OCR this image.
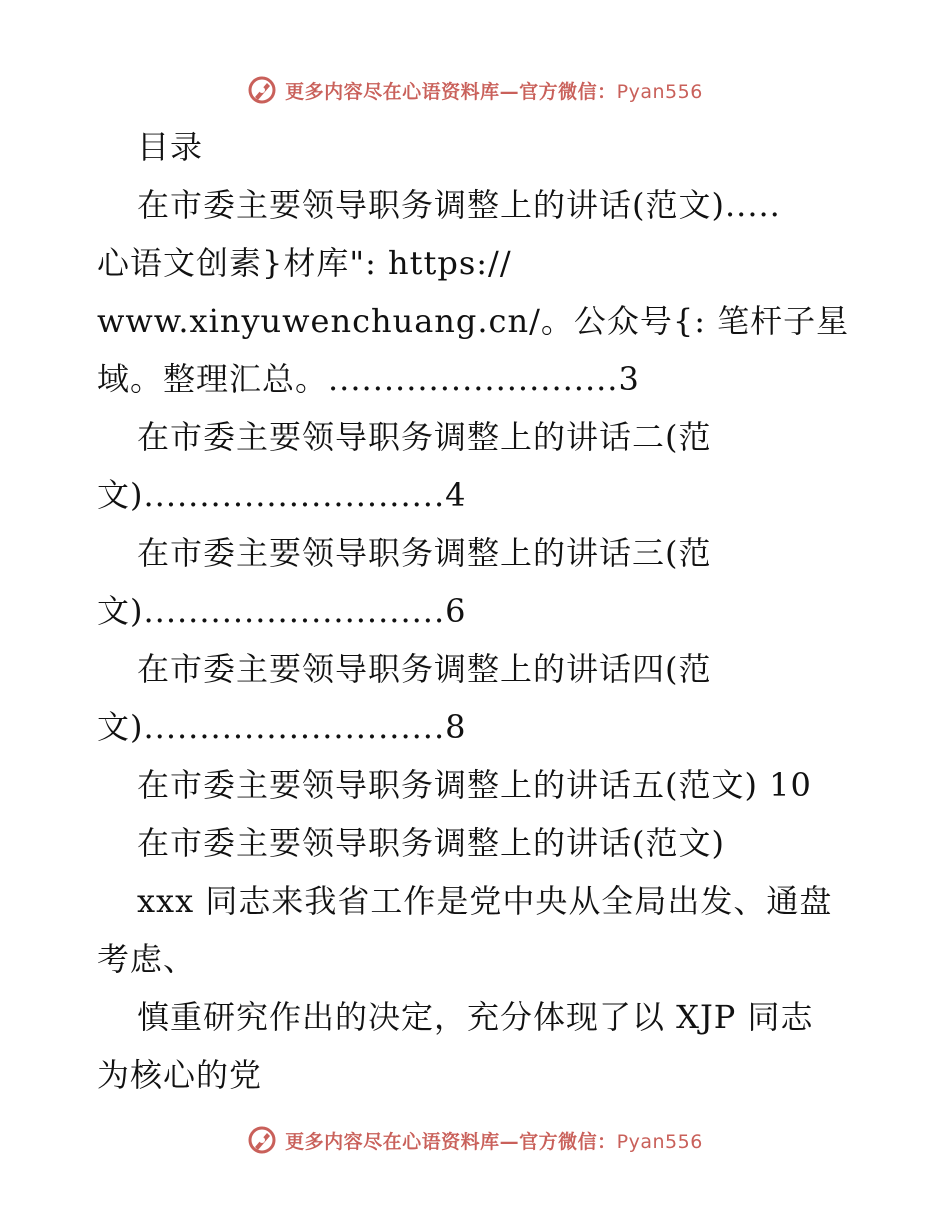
更多内容尽在心语资料库—官方微信：Pyan556
目录
在市委主要领导职务调整上的讲话(范文).....
心语文创素}材库": https://
www.xinyuwenchuang.cn/。公众号{: 笔杆子星
域。整理汇总。..........................3
在市委主要领导职务调整上的讲话二(范
文)...........................4
在市委主要领导职务调整上的讲话三(范
文)...........................6
在市委主要领导职务调整上的讲话四(范
文)...........................8
在市委主要领导职务调整上的讲话五(范文) 10
在市委主要领导职务调整上的讲话(范文)
xxx 同志来我省工作是党中央从全局出发、通盘
考虑、
慎重研究作出的决定，充分体现了以 XJP 同志
为核心的党
更多内容尽在心语资料库—官方微信：Pyan556
